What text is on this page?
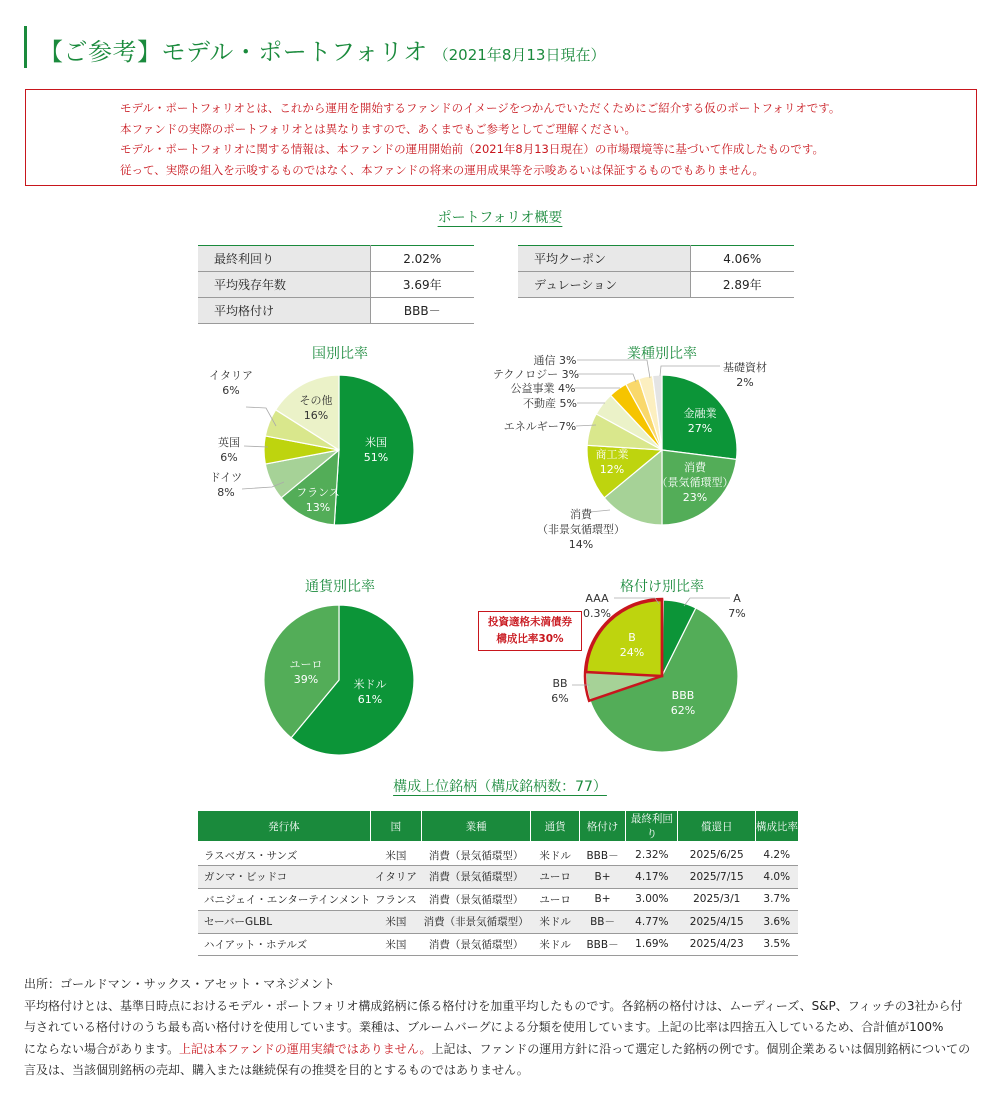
【ご参考】モデル・ポートフォリオ （2021年8月13日現在）

モデル・ポートフォリオとは、これから運用を開始するファンドのイメージをつかんでいただくためにご紹介する仮のポートフォリオです。

本ファンドの実際のポートフォリオとは異なりますので、あくまでもご参考としてご理解ください。

モデル・ポートフォリオに関する情報は、本ファンドの運用開始前（2021年8月13日現在）の市場環境等に基づいて作成したものです。

従って、実際の組入を示唆するものではなく、本ファンドの将来の運用成果等を示唆あるいは保証するものでもありません。

ポートフォリオ概要
最終利回り	2.02%
平均残存年数	3.69年
平均格付け	BBB－
平均クーポン	4.06%
デュレーション	2.89年
国別比率	業種別比率
通貨別比率	格付け別比率
米国
51%
フランス
13%
ドイツ
8%
英国
6%
イタリア
6%
その他
16%	金融業
27%
消費
（景気循環型）
23%
消費
（非景気循環型）
14%
商工業
12%
エネルギー7%
不動産 5%
公益事業 4%
テクノロジー 3%
通信 3%
基礎資材
2%
米ドル
61%
ユーロ
39%
AAA
0.3%
A
7%
BBB
62%
BB
6%
B
24%
投資適格未満債券
構成比率30%
構成上位銘柄（構成銘柄数：77）
発行体	国	業種	通貨	格付け	最終利回り	償還日	構成比率
ラスベガス・サンズ	米国	消費（景気循環型）	米ドル	BBB－	2.32%	2025/6/25	4.2%
ガンマ・ビッドコ	イタリア	消費（景気循環型）	ユーロ	B+	4.17%	2025/7/15	4.0%
バニジェイ・エンターテインメント	フランス	消費（景気循環型）	ユーロ	B+	3.00%	2025/3/1	3.7%
セーバーGLBL	米国	消費（非景気循環型）	米ドル	BB－	4.77%	2025/4/15	3.6%
ハイアット・ホテルズ	米国	消費（景気循環型）	米ドル	BBB－	1.69%	2025/4/23	3.5%
出所：ゴールドマン・サックス・アセット・マネジメント
平均格付けとは、基準日時点におけるモデル・ポートフォリオ構成銘柄に係る格付けを加重平均したものです。各銘柄の格付けは、ムーディーズ、S&P、フィッチの3社から付
与されている格付けのうち最も高い格付けを使用しています。業種は、ブルームバーグによる分類を使用しています。上記の比率は四捨五入しているため、合計値が100%
にならない場合があります。上記は本ファンドの運用実績ではありません。上記は、ファンドの運用方針に沿って選定した銘柄の例です。個別企業あるいは個別銘柄についての
言及は、当該個別銘柄の売却、購入または継続保有の推奨を目的とするものではありません。
